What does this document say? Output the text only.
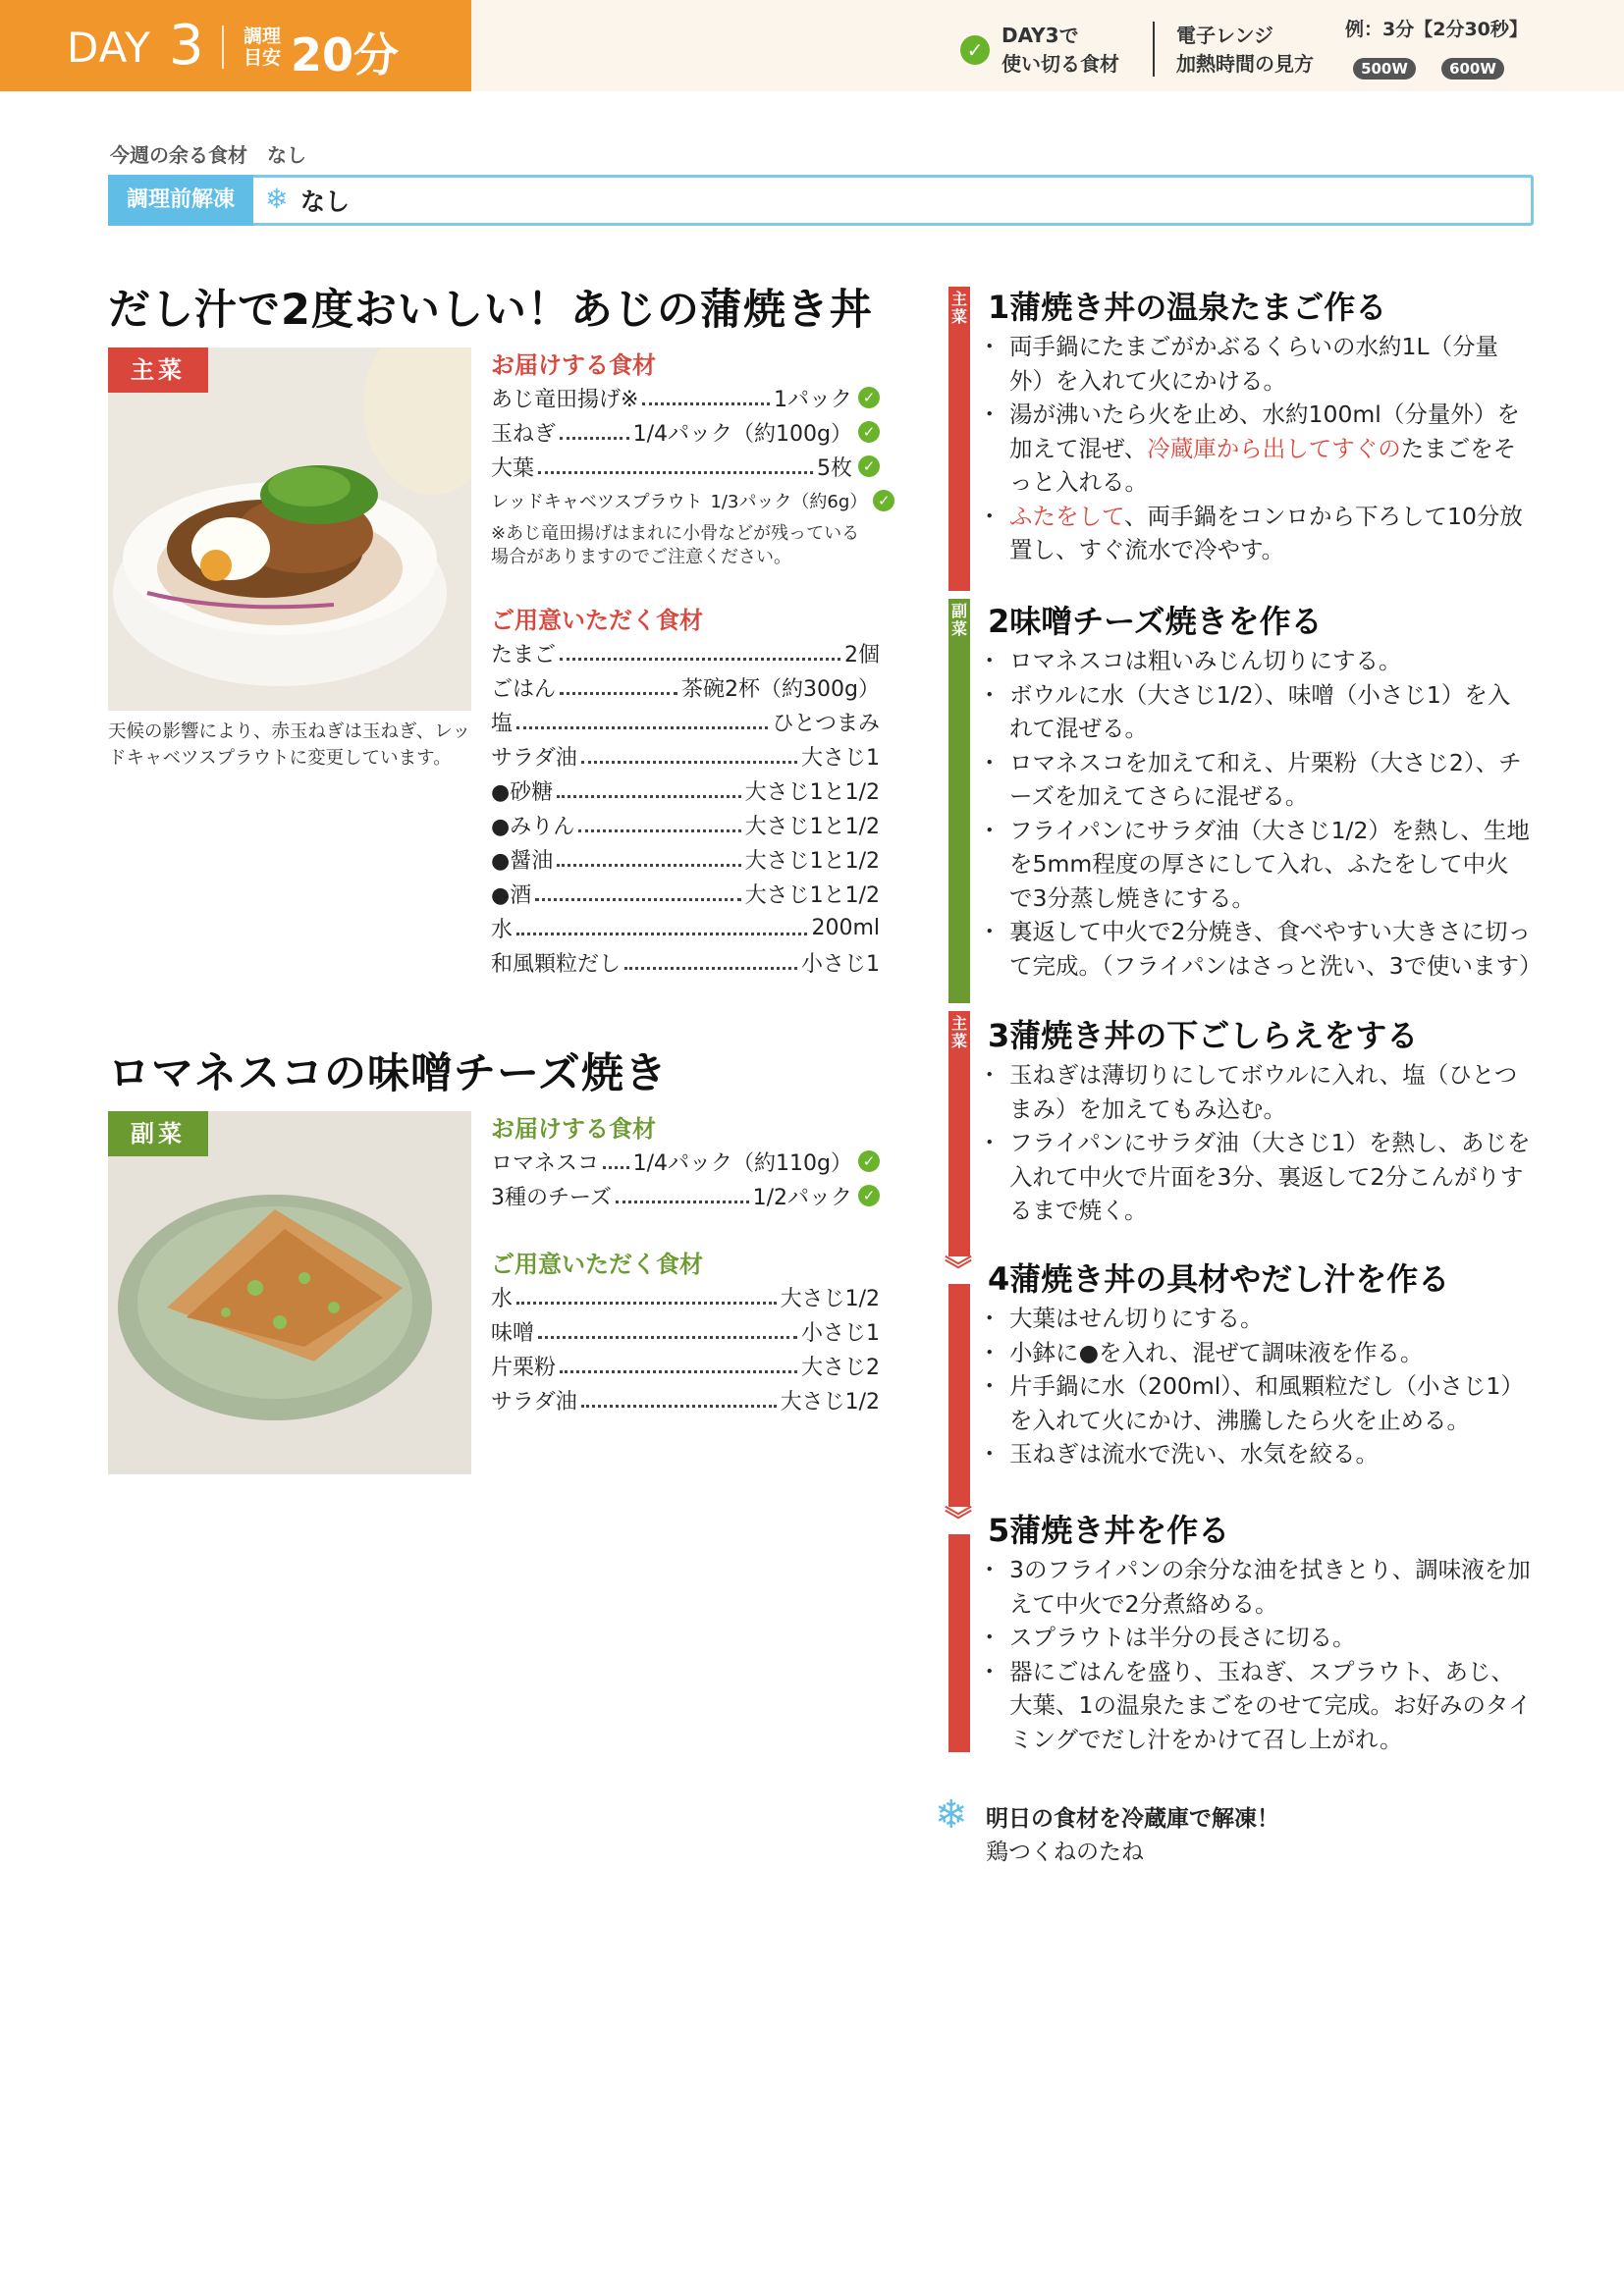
DAY 3 調理
目安 20分	✓
DAY3で
使い切る食材
電子レンジ
加熱時間の見方
例：3分【2分30秒】
500W	600W
今週の余る食材　なし
調理前解凍	❄ なし
だし汁で2度おいしい！あじの蒲焼き丼
天候の影響により、赤玉ねぎは玉ねぎ、レッドキャベツスプラウトに変更しています。
主菜	お届けする食材
あじ竜田揚げ※	1パック ✓
玉ねぎ	1/4パック（約100g） ✓
大葉	5枚 ✓
レッドキャベツスプラウト 1/3パック（約6g） ✓
※あじ竜田揚げはまれに小骨などが残っている場合がありますのでご注意ください。
ご用意いただく食材
たまご	2個
ごはん	茶碗2杯（約300g）
塩	ひとつまみ
サラダ油	大さじ1
●砂糖	大さじ1と1/2
●みりん	大さじ1と1/2
●醤油	大さじ1と1/2
●酒	大さじ1と1/2
水	200ml
和風顆粒だし	小さじ1
ロマネスコの味噌チーズ焼き
副菜	お届けする食材
ロマネスコ 1/4パック（約110g） ✓
3種のチーズ	1/2パック ✓
ご用意いただく食材
水	大さじ1/2
味噌	小さじ1
片栗粉	大さじ2
サラダ油	大さじ1/2
主菜
副菜
主菜
︾
︾
1蒲焼き丼の温泉たまご作る
・ 両手鍋にたまごがかぶるくらいの水約1L（分量外）を入れて火にかける。
・ 湯が沸いたら火を止め、水約100ml（分量外）を加えて混ぜ、冷蔵庫から出してすぐのたまごをそっと入れる。
・ ふたをして、両手鍋をコンロから下ろして10分放置し、すぐ流水で冷やす。
2味噌チーズ焼きを作る
・ ロマネスコは粗いみじん切りにする。
・ ボウルに水（大さじ1/2）、味噌（小さじ1）を入れて混ぜる。
・ ロマネスコを加えて和え、片栗粉（大さじ2）、チーズを加えてさらに混ぜる。
・ フライパンにサラダ油（大さじ1/2）を熱し、生地を5mm程度の厚さにして入れ、ふたをして中火で3分蒸し焼きにする。
・ 裏返して中火で2分焼き、食べやすい大きさに切って完成。（フライパンはさっと洗い、3で使います）
3蒲焼き丼の下ごしらえをする
・ 玉ねぎは薄切りにしてボウルに入れ、塩（ひとつまみ）を加えてもみ込む。
・ フライパンにサラダ油（大さじ1）を熱し、あじを入れて中火で片面を3分、裏返して2分こんがりするまで焼く。
4蒲焼き丼の具材やだし汁を作る
・ 大葉はせん切りにする。
・ 小鉢に●を入れ、混ぜて調味液を作る。
・ 片手鍋に水（200ml）、和風顆粒だし（小さじ1）を入れて火にかけ、沸騰したら火を止める。
・ 玉ねぎは流水で洗い、水気を絞る。
5蒲焼き丼を作る
・ 3のフライパンの余分な油を拭きとり、調味液を加えて中火で2分煮絡める。
・ スプラウトは半分の長さに切る。
・ 器にごはんを盛り、玉ねぎ、スプラウト、あじ、大葉、1の温泉たまごをのせて完成。お好みのタイミングでだし汁をかけて召し上がれ。
❄ 明日の食材を冷蔵庫で解凍！
鶏つくねのたね
